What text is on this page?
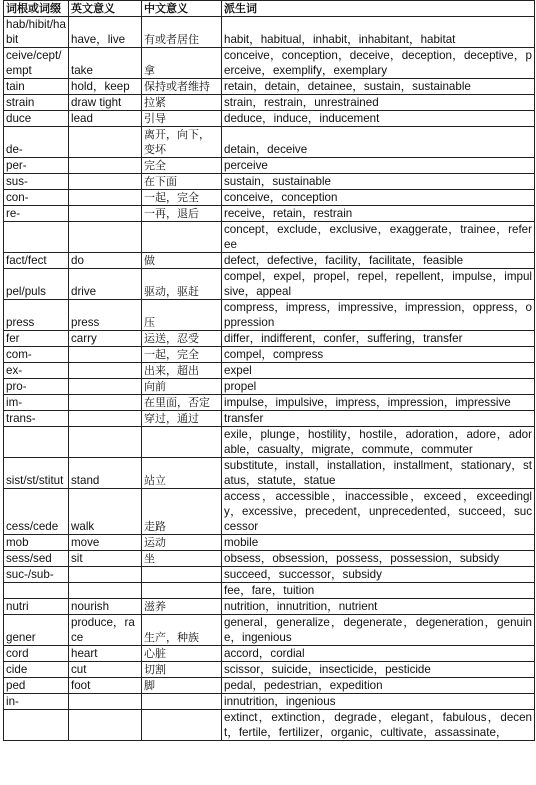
词根或词缀	英文意义	中文意义	派生词
hab/hibit/habit	have，live	有或者居住	habit，habitual，inhabit，inhabitant，habitat
ceive/cept/empt	take	拿	conceive，conception，deceive，deception，deceptive，perceive，exemplify，exemplary
tain	hold，keep	保持或者维持	retain，detain，detainee，sustain，sustainable
strain	draw tight	拉紧	strain，restrain，unrestrained
duce	lead	引导	deduce，induce，inducement
de-		离开，向下，变坏	detain，deceive
per-		完全	perceive
sus-		在下面	sustain，sustainable
con-		一起，完全	conceive，conception
re-		一再，退后	receive，retain，restrain
			concept，exclude，exclusive，exaggerate，trainee，referee
fact/fect	do	做	defect，defective，facility，facilitate，feasible
pel/puls	drive	驱动，驱赶	compel，expel，propel，repel，repellent，impulse，impulsive，appeal
press	press	压	compress，impress，impressive，impression，oppress，oppression
fer	carry	运送，忍受	differ，indifferent，confer，suffering，transfer
com-		一起，完全	compel，compress
ex-		出来，超出	expel
pro-		向前	propel
im-		在里面，否定	impulse，impulsive，impress，impression，impressive
trans-		穿过，通过	transfer
			exile，plunge，hostility，hostile，adoration，adore，adorable，casualty，migrate，commute，commuter
sist/st/stitut	stand	站立	substitute，install，installation，installment，stationary，status，statute，statue
cess/cede	walk	走路	access，accessible，inaccessible，exceed，exceedingly，excessive，precedent，unprecedented，succeed，successor
mob	move	运动	mobile
sess/sed	sit	坐	obsess，obsession，possess，possession，subsidy
suc-/sub-			succeed，successor，subsidy
			fee，fare，tuition
nutri	nourish	滋养	nutrition，innutrition，nutrient
gener	produce，race	生产，种族	general，generalize，degenerate，degeneration，genuine，ingenious
cord	heart	心脏	accord，cordial
cide	cut	切割	scissor，suicide，insecticide，pesticide
ped	foot	脚	pedal，pedestrian，expedition
in-			innutrition，ingenious
			extinct，extinction，degrade，elegant，fabulous，decent，fertile，fertilizer，organic，cultivate，assassinate，
